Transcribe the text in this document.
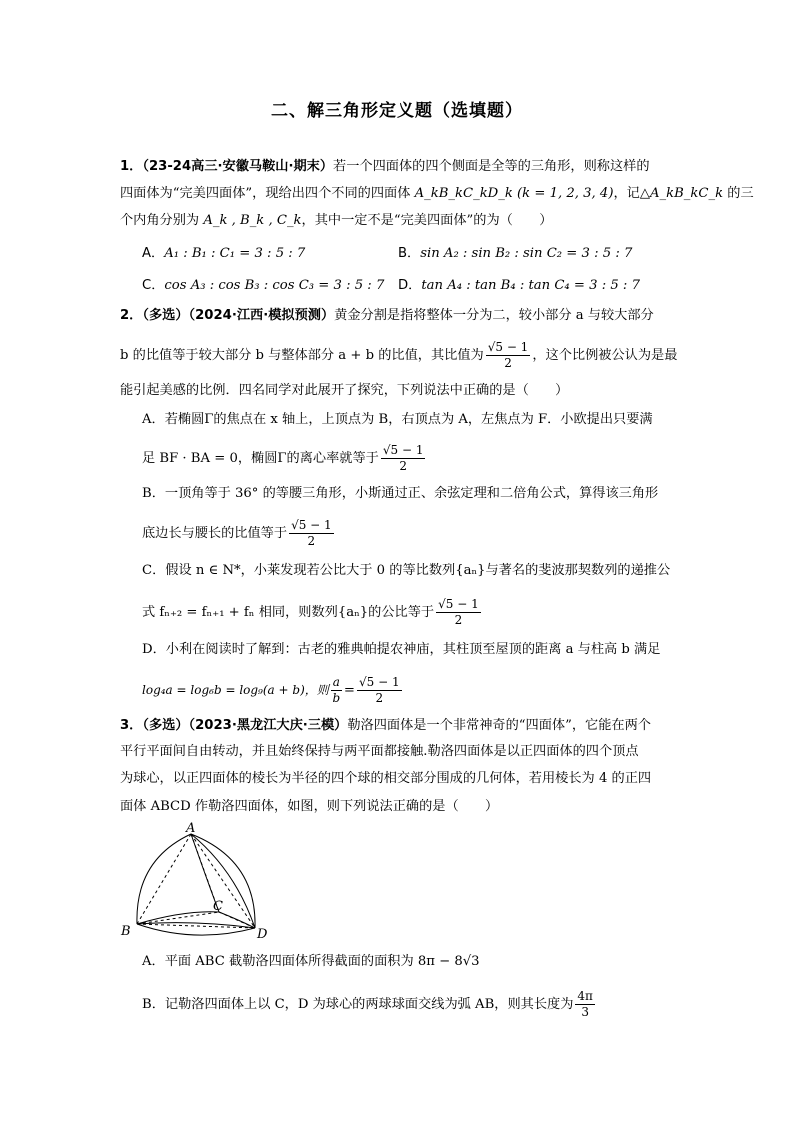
二、解三角形定义题（选填题）
1．（23-24高三·安徽马鞍山·期末）若一个四面体的四个侧面是全等的三角形，则称这样的
四面体为“完美四面体”，现给出四个不同的四面体 A_kB_kC_kD_k (k = 1, 2, 3, 4)，记△A_kB_kC_k 的三
个内角分别为 A_k , B_k , C_k，其中一定不是“完美四面体”的为（　　）
A．A₁ : B₁ : C₁ = 3 : 5 : 7	B．sin A₂ : sin B₂ : sin C₂ = 3 : 5 : 7
C．cos A₃ : cos B₃ : cos C₃ = 3 : 5 : 7 D．tan A₄ : tan B₄ : tan C₄ = 3 : 5 : 7
2．（多选）（2024·江西·模拟预测）黄金分割是指将整体一分为二，较小部分 a 与较大部分
b 的比值等于较大部分 b 与整体部分 a + b 的比值，其比值为 $\frac{√5 - 1}{2}$ ，这个比例被公认为是最
能引起美感的比例．四名同学对此展开了探究，下列说法中正确的是（　　）
A．若椭圆Γ的焦点在 x 轴上，上顶点为 B，右顶点为 A，左焦点为 F．小欧提出只要满
足 BF · BA = 0，椭圆Γ的离心率就等于 $\frac{√5 - 1}{2}$
B．一顶角等于 36° 的等腰三角形，小斯通过正、余弦定理和二倍角公式，算得该三角形
底边长与腰长的比值等于 $\frac{√5 - 1}{2}$
C．假设 n ∈ N*，小莱发现若公比大于 0 的等比数列{aₙ}与著名的斐波那契数列的递推公
式 fₙ₊₂ = fₙ₊₁ + fₙ 相同，则数列{aₙ}的公比等于 $\frac{√5 - 1}{2}$
D．小利在阅读时了解到：古老的雅典帕提农神庙，其柱顶至屋顶的距离 a 与柱高 b 满足
log₄a = log₆b = log₉(a + b)，则 $\frac{a}{b} = \frac{√5 - 1}{2}$
3．（多选）（2023·黑龙江大庆·三模）勒洛四面体是一个非常神奇的“四面体”，它能在两个
平行平面间自由转动，并且始终保持与两平面都接触.勒洛四面体是以正四面体的四个顶点
为球心，以正四面体的棱长为半径的四个球的相交部分围成的几何体，若用棱长为 4 的正四
面体 ABCD 作勒洛四面体，如图，则下列说法正确的是（　　）
A
B
C
D
A．平面 ABC 截勒洛四面体所得截面的面积为 8π − 8√3
B．记勒洛四面体上以 C，D 为球心的两球球面交线为弧 AB，则其长度为 $\frac{4\pi}{3}$
